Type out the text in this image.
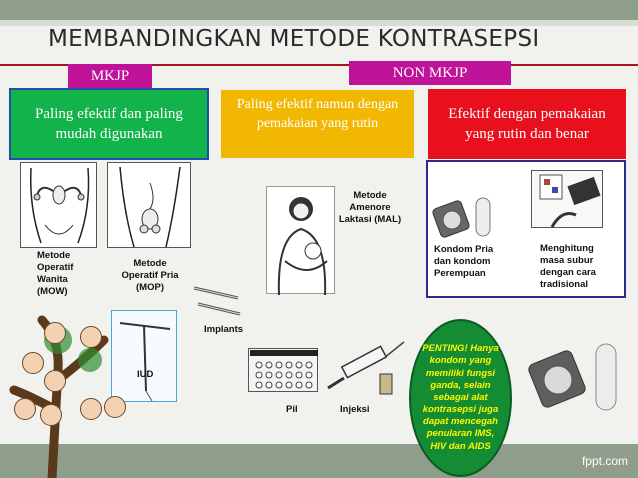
MEMBANDINGKAN METODE KONTRASEPSI
MKJP	NON MKJP
Paling efektif dan paling mudah digunakan
Paling efektif namun dengan pemakaian yang rutin
Efektif dengan pemakaian yang rutin dan benar
Metode Operatif Wanita (MOW)
Metode Operatif Pria (MOP)
Implants
IUD
Metode Amenore Laktasi (MAL)
Pil	Injeksi
Kondom Pria dan kondom Perempuan
Menghitung masa subur dengan cara tradisional
PENTING! Hanya kondom yang memiliki fungsi ganda, selain sebagai alat kontrasepsi juga dapat mencegah penularan IMS, HIV dan AIDS
fppt.com
